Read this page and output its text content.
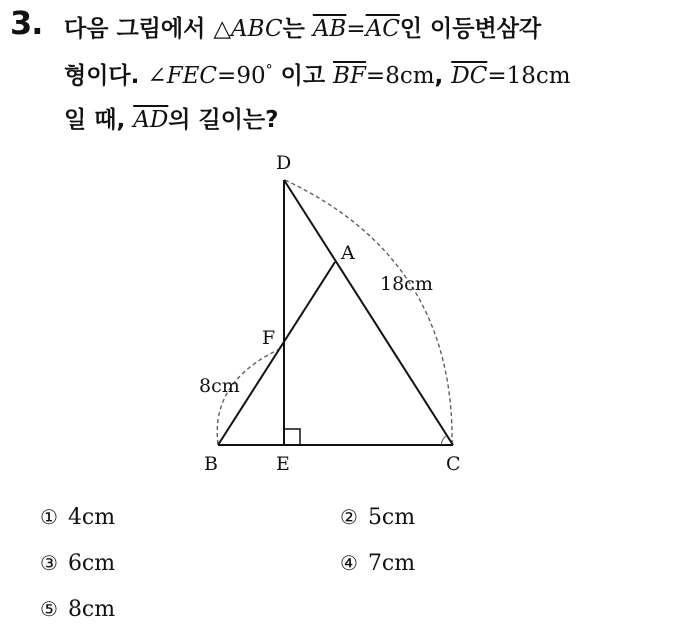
3. 다음 그림에서 △ABC는 $\overline{AB}=\overline{AC}$인 이등변삼각
형이다. ∠FEC=90° 이고 $\overline{BF}=8cm$, $\overline{DC}=18cm$
일 때, $\overline{AD}$의 길이는?
D
A
F
B	E	C
8cm
18cm
① 4cm	② 5cm
③ 6cm	④ 7cm
⑤ 8cm
